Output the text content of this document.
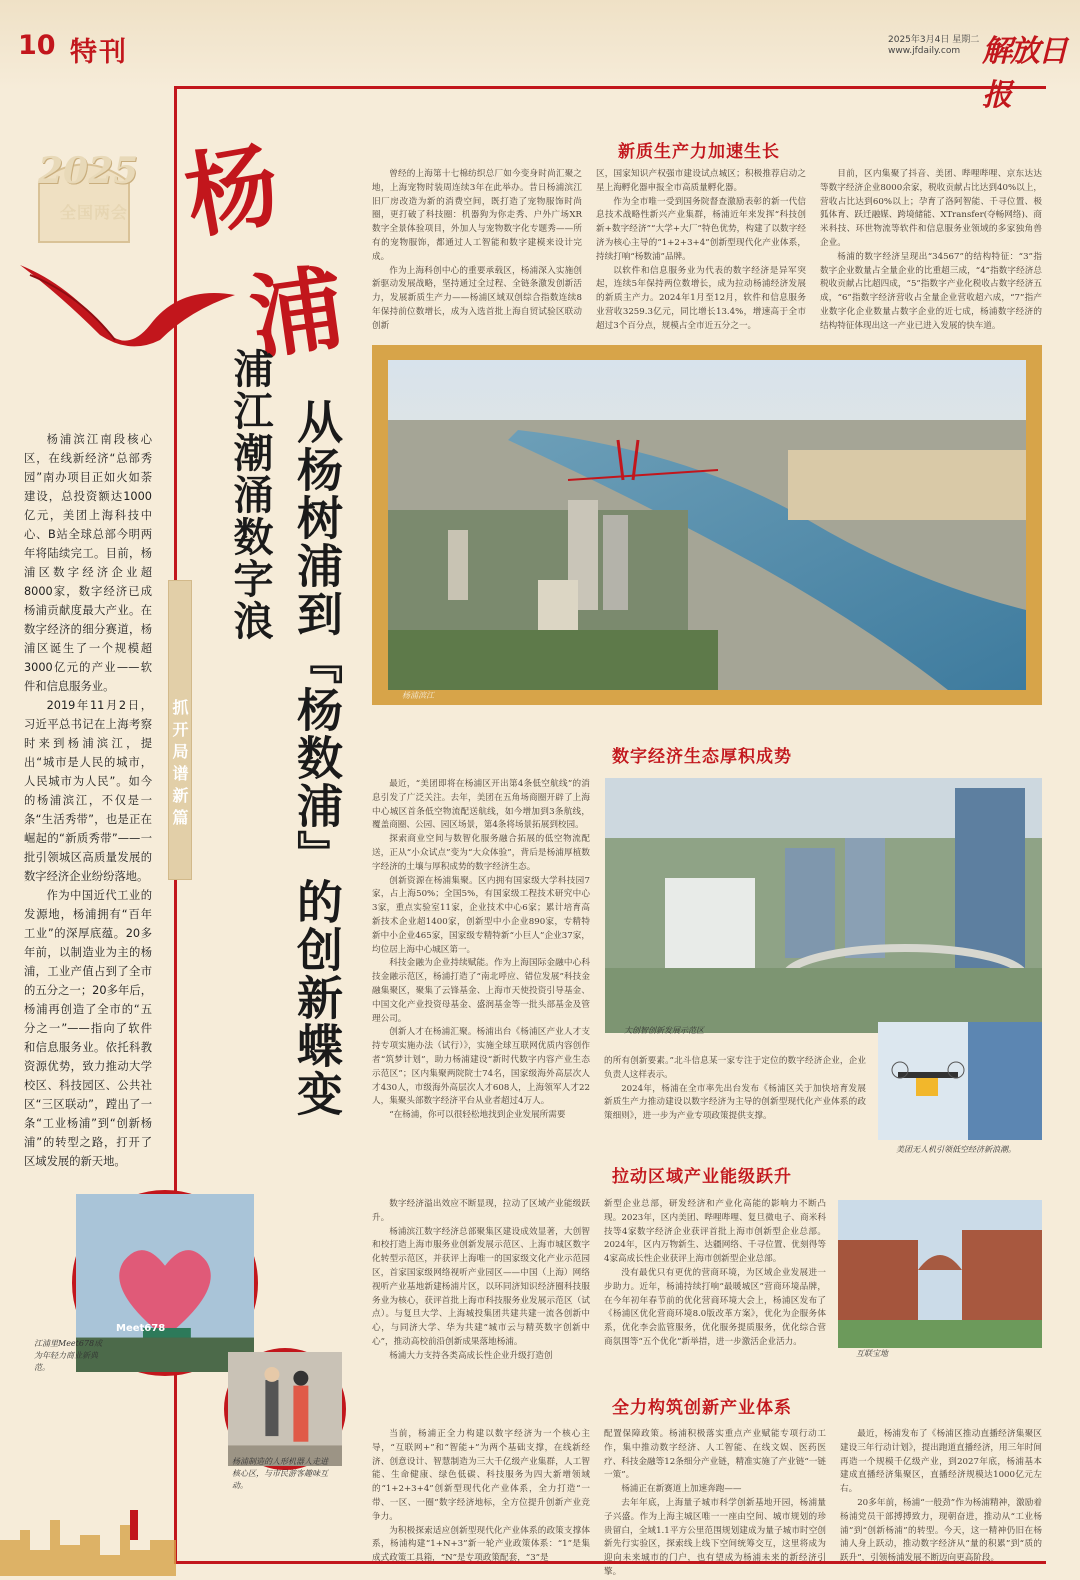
10 特刊	2025年3月4日 星期二
www.jfdaily.com 解放日报
2025
全国两会 杨
浦
浦江潮涌数字浪 从杨树浦到『杨数浦』的创新蝶变
抓开局谱新篇

杨浦滨江南段核心区，在线新经济“总部秀园”南办项目正如火如荼建设，总投资额达1000亿元，美团上海科技中心、B站全球总部今明两年将陆续完工。目前，杨浦区数字经济企业超8000家，数字经济已成杨浦贡献度最大产业。在数字经济的细分赛道，杨浦区诞生了一个规模超3000亿元的产业——软件和信息服务业。

2019年11月2日，习近平总书记在上海考察时来到杨浦滨江，提出“城市是人民的城市，人民城市为人民”。如今的杨浦滨江，不仅是一条“生活秀带”，也是正在崛起的“新质秀带”——一批引领城区高质量发展的数字经济企业纷纷落地。

作为中国近代工业的发源地，杨浦拥有“百年工业”的深厚底蕴。20多年前，以制造业为主的杨浦，工业产值占到了全市的五分之一；20多年后，杨浦再创造了全市的“五分之一”——指向了软件和信息服务业。依托科教资源优势，致力推动大学校区、科技园区、公共社区“三区联动”，蹚出了一条“工业杨浦”到“创新杨浦”的转型之路，打开了区域发展的新天地。

新质生产力加速生长

曾经的上海第十七棉纺织总厂如今变身时尚汇聚之地，上海宠物时装周连续3年在此举办。昔日杨浦滨江旧厂房改造为新的消费空间，既打造了宠物服饰时尚圈，更打破了科技圈：机器狗为你走秀、户外广场XR数字全景体验项目，外加人与宠物数字化专题秀——所有的宠物服饰，都通过人工智能和数字建模来设计完成。

作为上海科创中心的重要承载区，杨浦深入实施创新驱动发展战略，坚持通过全过程、全链条激发创新活力，发展新质生产力——杨浦区域双创综合指数连续8年保持前位数增长，成为入选首批上海自贸试验区联动创新

区，国家知识产权强市建设试点城区；积极推荐启动之星上海孵化器申报全市高质量孵化器。

作为全市唯一受到国务院督查激励表彰的新一代信息技术战略性新兴产业集群，杨浦近年来发挥“科技创新+数字经济”“大学+大厂”特色优势，构建了以数字经济为核心主导的“1+2+3+4”创新型现代化产业体系，持续打响“杨数浦”品牌。

以软件和信息服务业为代表的数字经济是异军突起，连续5年保持两位数增长，成为拉动杨浦经济发展的新质主产力。2024年1月至12月，软件和信息服务业营收3259.3亿元，同比增长13.4%，增速高于全市超过3个百分点，规模占全市近五分之一。

目前，区内集聚了抖音、美团、哔哩哔哩、京东达达等数字经济企业8000余家，税收贡献占比达到40%以上，营收占比达到60%以上；孕育了洛阿智能、千寻位置、极狐体育、跃迁融媒、跨境储能、XTransfer(夺畅网络)、商米科技、环世物流等软件和信息服务业领域的多家独角兽企业。

杨浦的数字经济呈现出“34567”的结构特征：“3”指数字企业数量占全量企业的比重超三成，“4”指数字经济总税收贡献占比超四成，“5”指数字产业化税收占数字经济五成，“6”指数字经济营收占全量企业营收超六成，“7”指产业数字化企业数量占数字企业的近七成，杨浦数字经济的结构特征体现出这一产业已进入发展的快车道。

杨浦滨江
数字经济生态厚积成势

最近，“美团即将在杨浦区开出第4条低空航线”的消息引发了广泛关注。去年，美团在五角场商圈开辟了上海中心城区首条低空物流配送航线，如今增加到3条航线，覆盖商圈、公园、园区场景，第4条将场景拓展到校园。

探索商业空间与数智化服务融合拓展的低空物流配送，正从“小众试点”变为“大众体验”，背后是杨浦厚植数字经济的土壤与厚积成势的数字经济生态。

创新资源在杨浦集聚。区内拥有国家级大学科技园7家，占上海50%；全国5%，有国家级工程技术研究中心3家，重点实验室11家，企业技术中心6家；累计培育高新技术企业超1400家，创新型中小企业890家，专精特新中小企业465家，国家级专精特新“小巨人”企业37家，均位居上海中心城区第一。

科技金融为企业持续赋能。作为上海国际金融中心科技金融示范区，杨浦打造了“南北呼应、错位发展”科技金融集聚区，聚集了云锋基金、上海市天使投资引导基金、中国文化产业投资母基金、盛润基金等一批头部基金及管理公司。

创新人才在杨浦汇聚。杨浦出台《杨浦区产业人才支持专项实施办法（试行）》，实施全球互联网优质内容创作者“筑梦计划”，助力杨浦建设“新时代数字内容产业生态示范区”；区内集聚两院院士74名，国家级海外高层次人才430人，市级海外高层次人才608人，上海领军人才22人，集聚头部数字经济平台从业者超过4万人。

“在杨浦，你可以很轻松地找到企业发展所需要

大创智创新发展示范区

的所有创新要素。”北斗信息某一家专注于定位的数字经济企业，企业负责人这样表示。

2024年，杨浦在全市率先出台发布《杨浦区关于加快培育发展新质生产力推动建设以数字经济为主导的创新型现代化产业体系的政策细则》，进一步为产业专项政策提供支撑。

美团无人机引领低空经济新浪潮。
拉动区域产业能级跃升

数字经济溢出效应不断显现，拉动了区域产业能级跃升。

杨浦滨江数字经济总部聚集区建设成效显著，大创智和校打造上海市服务业创新发展示范区、上海市城区数字化转型示范区，并获评上海唯一的国家级文化产业示范园区，首家国家级网络视听产业园区——中国（上海）网络视听产业基地新建杨浦片区，以环同济知识经济圈科技服务业为核心，获评首批上海市科技服务业发展示范区（试点）。与复旦大学、上海城投集团共建共建一流各创新中心，与同济大学、华为共建“城市云与精英数字创新中心”，推动高校前沿创新成果落地杨浦。

杨浦大力支持各类高成长性企业升级打造创

新型企业总部，研发经济和产业化高能的影响力不断凸现。2023年，区内美团、哔哩哔哩、复旦微电子、商米科技等4家数字经济企业获评首批上海市创新型企业总部。2024年，区内万物新生、达疆网络、千寻位置、优刻得等4家高成长性企业获评上海市创新型企业总部。

没有最优只有更优的营商环境，为区域企业发展进一步助力。近年，杨浦持续打响“最暖城区”营商环境品牌，在今年初年春节前的优化营商环境大会上，杨浦区发布了《杨浦区优化营商环境8.0版改革方案》，优化为企服务体系，优化李会监管服务，优化服务提质服务，优化综合营商氛围等“五个优化”新举措，进一步激活企业活力。

互联宝地
全力构筑创新产业体系

当前，杨浦正全力构建以数字经济为一个核心主导，“互联网+”和“智能+”为两个基础支撑，在线新经济、创意设计、智慧制造为三大千亿级产业集群，人工智能、生命健康、绿色低碳、科技服务为四大新增领域的“1+2+3+4”创新型现代化产业体系，全力打造“一带、一区、一圈”数字经济地标，全方位提升创新产业竞争力。

为积极探索适应创新型现代化产业体系的政策支撑体系，杨浦构建“1+N+3”新一轮产业政策体系：“1”是集成式政策工具箱，“N”是专项政策配套，“3”是

配置保障政策。杨浦积极落实重点产业赋能专项行动工作，集中推动数字经济、人工智能、在线文娱、医药医疗、科技金融等12条细分产业链，精准实施了产业链“一链一策”。

杨浦正在新赛道上加速奔跑——

去年年底，上海量子城市科学创新基地开园，杨浦量子兴盛。作为上海主城区唯一一座由空间、城市规划的珍贵留白，全域1.1平方公里范围规划建成为量子城市时空创新先行实验区，探索线上线下空间统筹交互，这里将成为迎向未来城市的门户，也有望成为杨浦未来的新经济引擎。

最近，杨浦发布了《杨浦区推动直播经济集聚区建设三年行动计划》，提出跑道直播经济，用三年时间再造一个规模千亿级产业，到2027年底，杨浦基本建成直播经济集聚区，直播经济规模达1000亿元左右。

20多年前，杨浦“一般劲”作为杨浦精神，激励着杨浦党员干部搏搏致力，现朝奋进，推动从“工业杨浦”到“创新杨浦”的转型。今天，这一精神仍旧在杨浦人身上跃动，推动数字经济从“量的积累”到“质的跃升”，引领杨浦发展不断迈向更高阶段。

Meet678
江浦里Meet678成为年轻力商业新典范。
杨浦制造的人形机器人走进核心区，与市民游客趣味互动。
